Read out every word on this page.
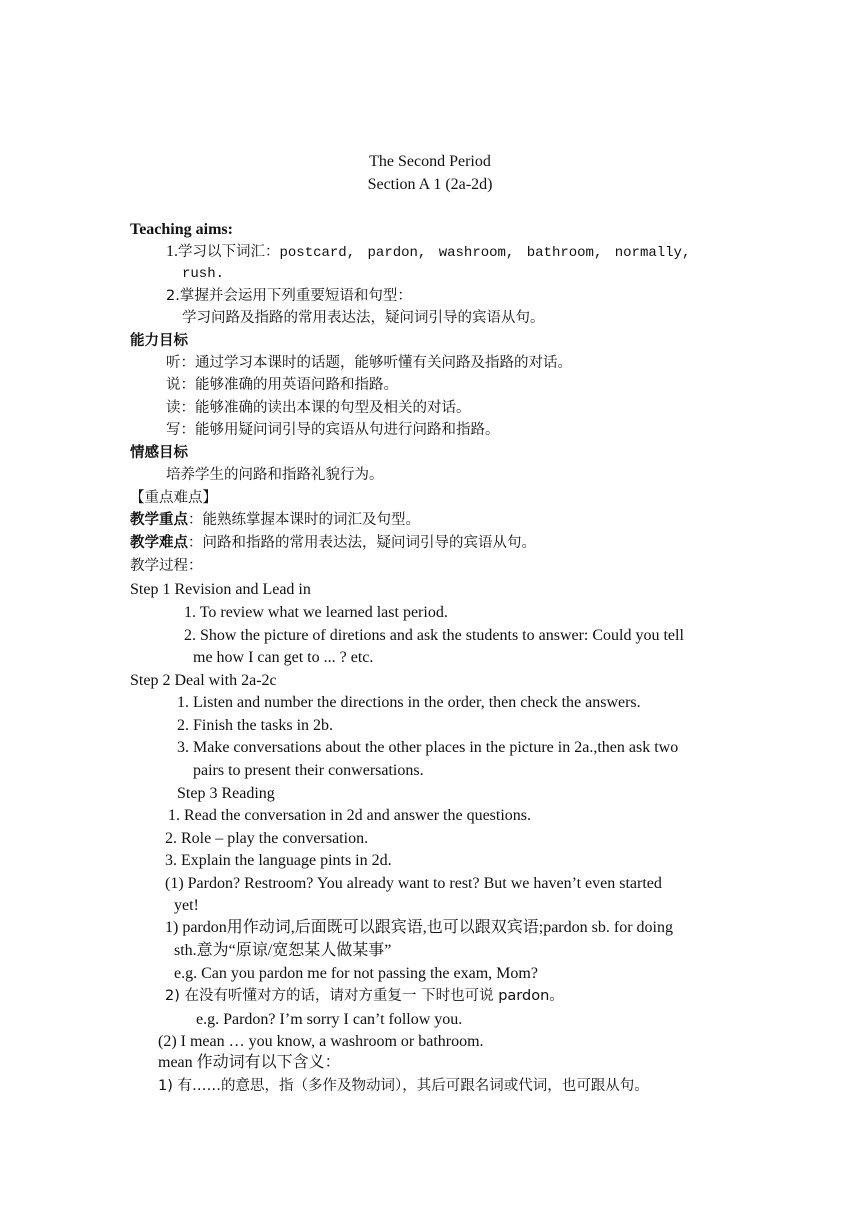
The Second Period
Section A 1 (2a-2d)
Teaching aims:
1.学习以下词汇：postcard, pardon, washroom, bathroom, normally,
rush.
2.掌握并会运用下列重要短语和句型：
学习问路及指路的常用表达法，疑问词引导的宾语从句。
能力目标
听：通过学习本课时的话题，能够听懂有关问路及指路的对话。
说：能够准确的用英语问路和指路。
读：能够准确的读出本课的句型及相关的对话。
写：能够用疑问词引导的宾语从句进行问路和指路。
情感目标
培养学生的问路和指路礼貌行为。
【重点难点】
教学重点：能熟练掌握本课时的词汇及句型。
教学难点：问路和指路的常用表达法，疑问词引导的宾语从句。
教学过程：
Step 1 Revision and Lead in
1. To review what we learned last period.
2. Show the picture of diretions and ask the students to answer: Could you tell
me how I can get to ... ? etc.
Step 2 Deal with 2a-2c
1. Listen and number the directions in the order, then check the answers.
2. Finish the tasks in 2b.
3. Make conversations about the other places in the picture in 2a.,then ask two
pairs to present their conwersations.
Step 3 Reading
1. Read the conversation in 2d and answer the questions.
2. Role – play the conversation.
3. Explain the language pints in 2d.
(1) Pardon? Restroom? You already want to rest? But we haven’t even started
yet!
1) pardon用作动词,后面既可以跟宾语,也可以跟双宾语;pardon sb. for doing
sth.意为“原谅/宽恕某人做某事”
e.g. Can you pardon me for not passing the exam, Mom?
2) 在没有听懂对方的话，请对方重复一 下时也可说 pardon。
e.g. Pardon? I’m sorry I can’t follow you.
(2) I mean … you know, a washroom or bathroom.
mean 作动词有以下含义：
1) 有……的意思，指（多作及物动词），其后可跟名词或代词，也可跟从句。
